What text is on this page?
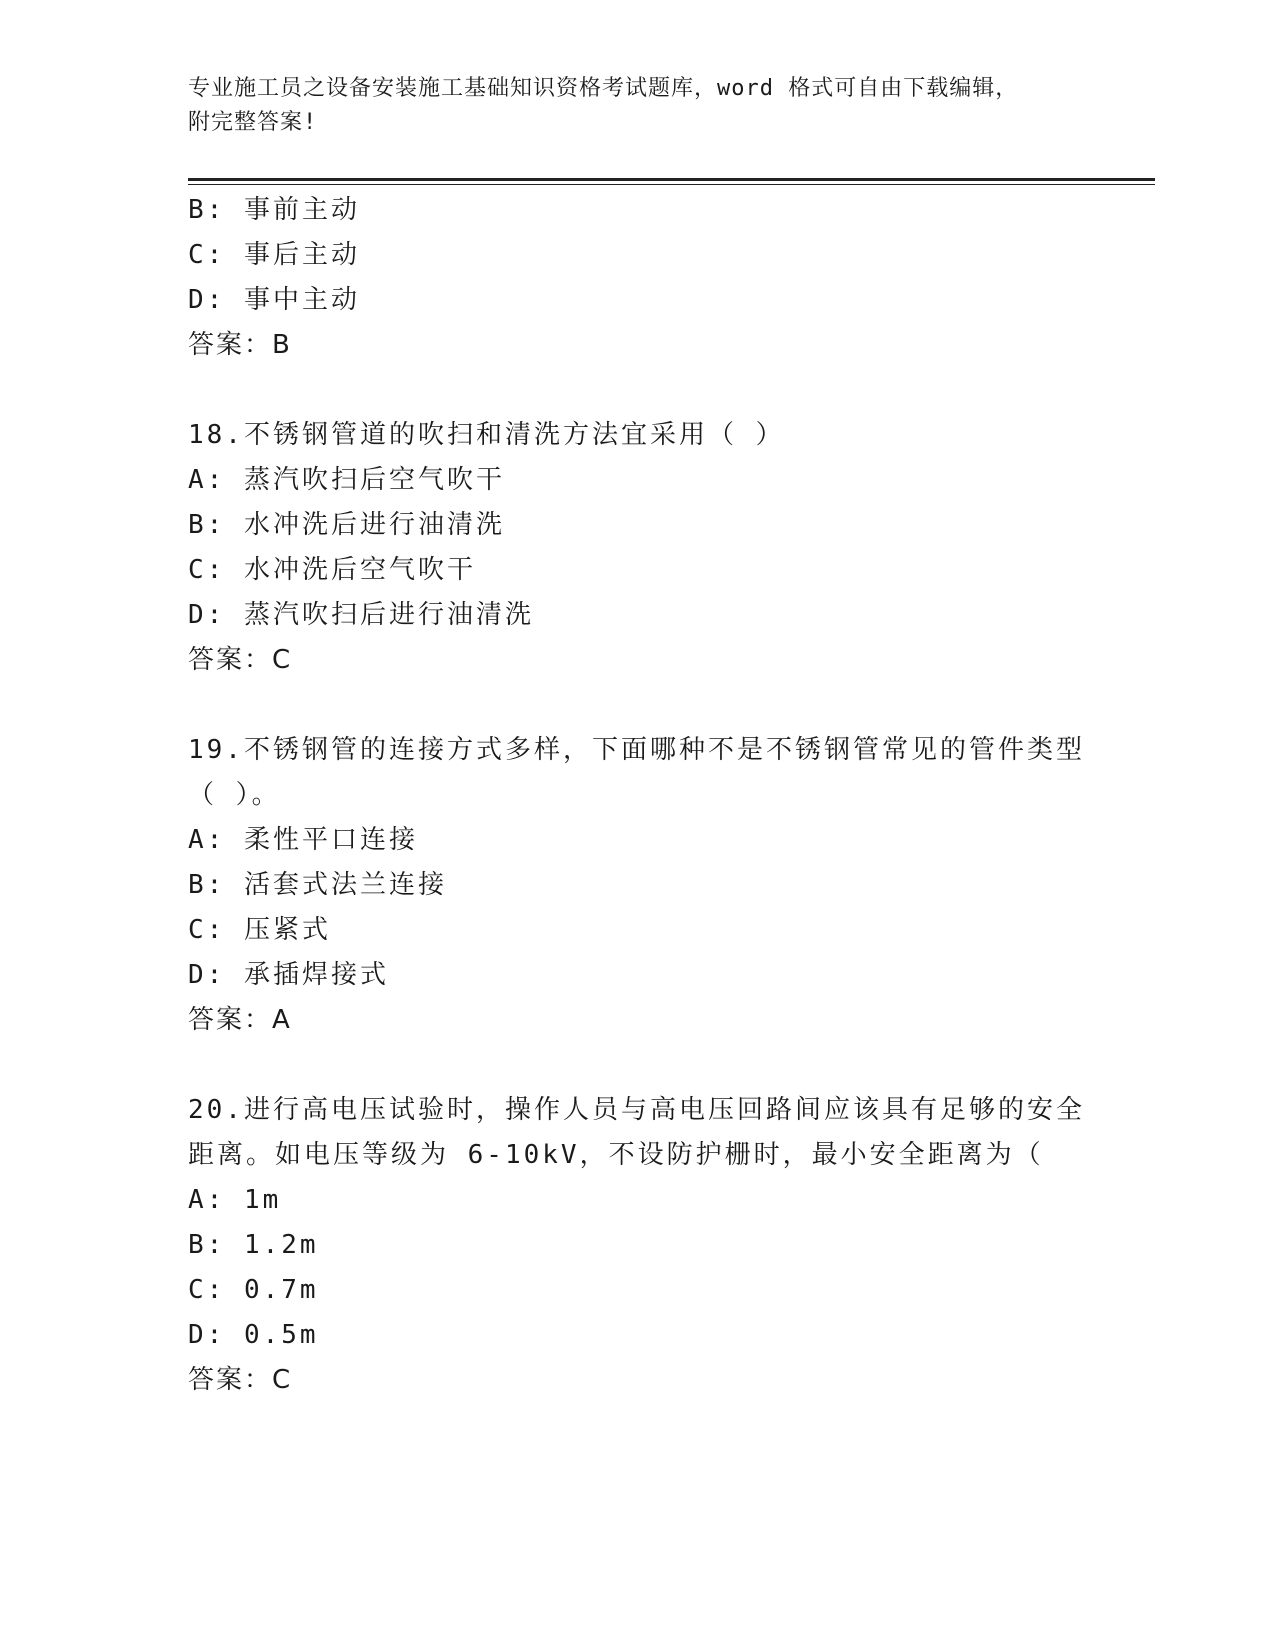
专业施工员之设备安装施工基础知识资格考试题库，word 格式可自由下载编辑，
附完整答案!
B: 事前主动
C: 事后主动
D: 事中主动
答案：B
18.不锈钢管道的吹扫和清洗方法宜采用（ ）
A: 蒸汽吹扫后空气吹干
B: 水冲洗后进行油清洗
C: 水冲洗后空气吹干
D: 蒸汽吹扫后进行油清洗
答案：C
19.不锈钢管的连接方式多样，下面哪种不是不锈钢管常见的管件类型
（ ）。
A: 柔性平口连接
B: 活套式法兰连接
C: 压紧式
D: 承插焊接式
答案：A
20.进行高电压试验时，操作人员与高电压回路间应该具有足够的安全
距离。如电压等级为 6-10kV，不设防护栅时，最小安全距离为（
A: 1m
B: 1.2m
C: 0.7m
D: 0.5m
答案：C
